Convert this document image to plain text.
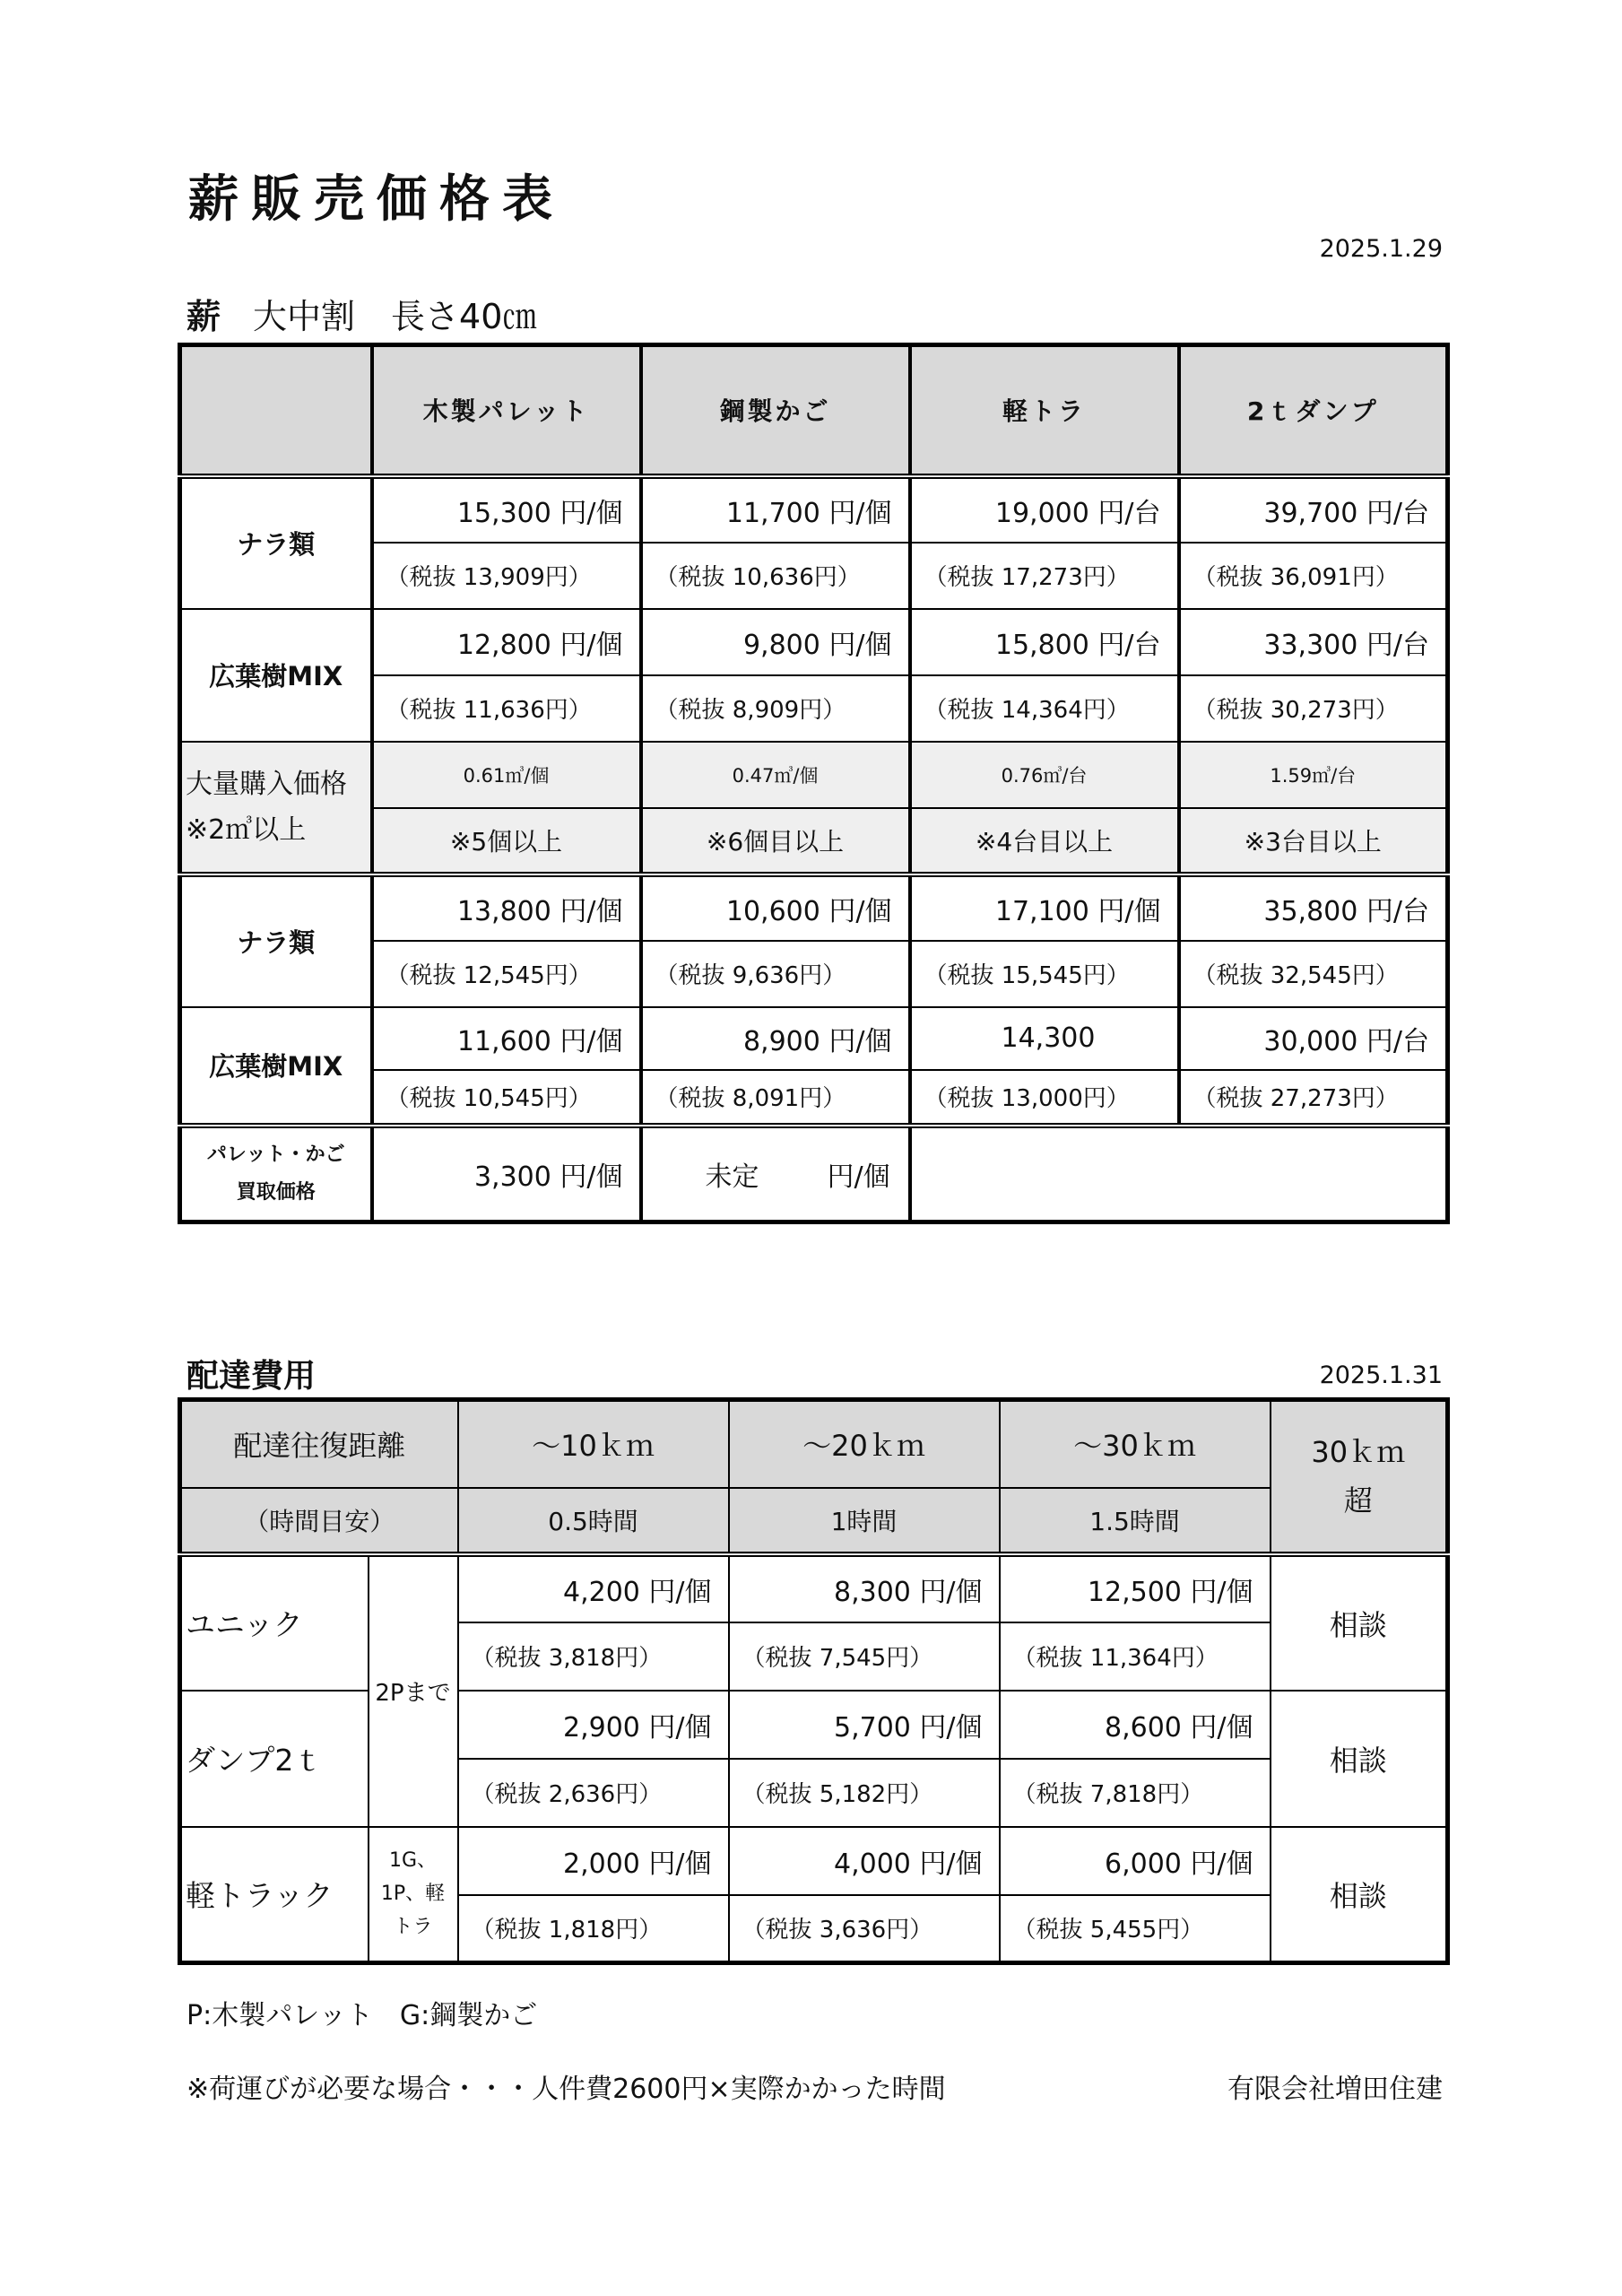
薪販売価格表
2025.1.29
薪 大中割 長さ40㎝
	木製パレット	鋼製かご	軽トラ	2ｔダンプ
ナラ類	15,300 円/個	11,700 円/個	19,000 円/台	39,700 円/台
	（税抜 13,909円）	（税抜 10,636円）	（税抜 17,273円）	（税抜 36,091円）
広葉樹MIX	12,800 円/個	9,800 円/個	15,800 円/台	33,300 円/台
	（税抜 11,636円）	（税抜 8,909円）	（税抜 14,364円）	（税抜 30,273円）
大量購入価格
※2㎥以上	0.61㎥/個	0.47㎥/個	0.76㎥/台	1.59㎥/台
	※5個以上	※6個目以上	※4台目以上	※3台目以上
ナラ類	13,800 円/個	10,600 円/個	17,100 円/個	35,800 円/台
	（税抜 12,545円）	（税抜 9,636円）	（税抜 15,545円）	（税抜 32,545円）
広葉樹MIX	11,600 円/個	8,900 円/個	14,300	30,000 円/台
	（税抜 10,545円）	（税抜 8,091円）	（税抜 13,000円）	（税抜 27,273円）
パレット・かご
買取価格	3,300 円/個	未定 円/個		
配達費用	2025.1.31
配達往復距離		～10ｋｍ	～20ｋｍ	～30ｋｍ	30ｋｍ
超
（時間目安）		0.5時間	1時間	1.5時間	
ユニック	2Pまで	4,200 円/個	8,300 円/個	12,500 円/個	相談
		（税抜 3,818円）	（税抜 7,545円）	（税抜 11,364円）	
ダンプ2ｔ		2,900 円/個	5,700 円/個	8,600 円/個	相談
		（税抜 2,636円）	（税抜 5,182円）	（税抜 7,818円）	
軽トラック	1G、
1P、軽
トラ	2,000 円/個	4,000 円/個	6,000 円/個	相談
		（税抜 1,818円）	（税抜 3,636円）	（税抜 5,455円）	
P:木製パレット　G:鋼製かご
※荷運びが必要な場合・・・人件費2600円×実際かかった時間	有限会社増田住建
